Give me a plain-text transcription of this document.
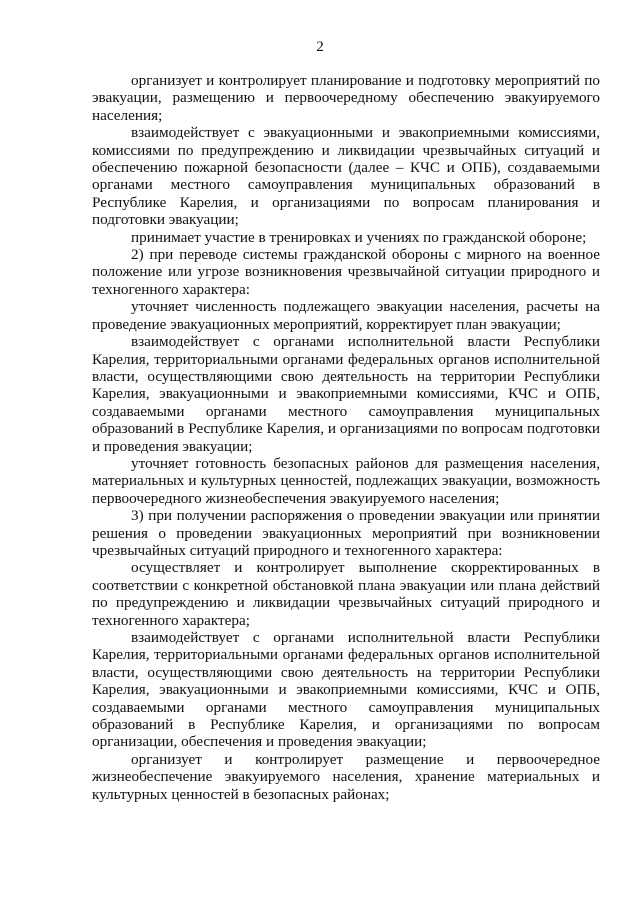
2

организует и контролирует планирование и подготовку мероприятий по эвакуации, размещению и первоочередному обеспечению эвакуируемого населения;

взаимодействует с эвакуационными и эвакоприемными комиссиями, комиссиями по предупреждению и ликвидации чрезвычайных ситуаций и обеспечению пожарной безопасности (далее – КЧС и ОПБ), создаваемыми органами местного самоуправления муниципальных образований в Республике Карелия, и организациями по вопросам планирования и подготовки эвакуации;

принимает участие в тренировках и учениях по гражданской обороне;

2) при переводе системы гражданской обороны с мирного на военное положение или угрозе возникновения чрезвычайной ситуации природного и техногенного характера:

уточняет численность подлежащего эвакуации населения, расчеты на проведение эвакуационных мероприятий, корректирует план эвакуации;

взаимодействует с органами исполнительной власти Республики Карелия, территориальными органами федеральных органов исполнительной власти, осуществляющими свою деятельность на территории Республики Карелия, эвакуационными и эвакоприемными комиссиями, КЧС и ОПБ, создаваемыми органами местного самоуправления муниципальных образований в Республике Карелия, и организациями по вопросам подготовки и проведения эвакуации;

уточняет готовность безопасных районов для размещения населения, материальных и культурных ценностей, подлежащих эвакуации, возможность первоочередного жизнеобеспечения эвакуируемого населения;

3) при получении распоряжения о проведении эвакуации или принятии решения о проведении эвакуационных мероприятий при возникновении чрезвычайных ситуаций природного и техногенного характера:

осуществляет и контролирует выполнение скорректированных в соответствии с конкретной обстановкой плана эвакуации или плана действий по предупреждению и ликвидации чрезвычайных ситуаций природного и техногенного характера;

взаимодействует с органами исполнительной власти Республики Карелия, территориальными органами федеральных органов исполнительной власти, осуществляющими свою деятельность на территории Республики Карелия, эвакуационными и эвакоприемными комиссиями, КЧС и ОПБ, создаваемыми органами местного самоуправления муниципальных образований в Республике Карелия, и организациями по вопросам организации, обеспечения и проведения эвакуации;

организует и контролирует размещение и первоочередное жизнеобеспечение эвакуируемого населения, хранение материальных и культурных ценностей в безопасных районах;
